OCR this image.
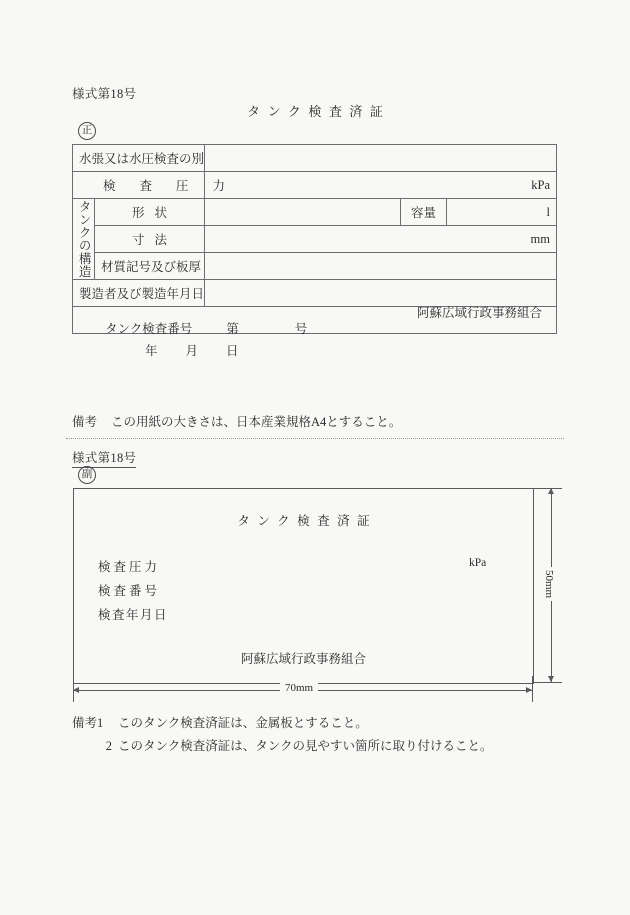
様式第18号
タンク検査済証
正
水張又は水圧検査の別				
検査圧力		kPa		
タンクの構造	形状		容量	l
	寸法	mm		
	材質記号及び板厚			
製造者及び製造年月日				

タンク検査番号 第 号
年 月 日
阿蘇広域行政事務組合				
備考 この用紙の大きさは、日本産業規格A4とすること。
様式第18号
副
タンク検査済証
検査圧力	kPa
検査番号
検査年月日
阿蘇広域行政事務組合
50mm
70mm
備考1 このタンク検査済証は、金属板とすること。
2 このタンク検査済証は、タンクの見やすい箇所に取り付けること。
